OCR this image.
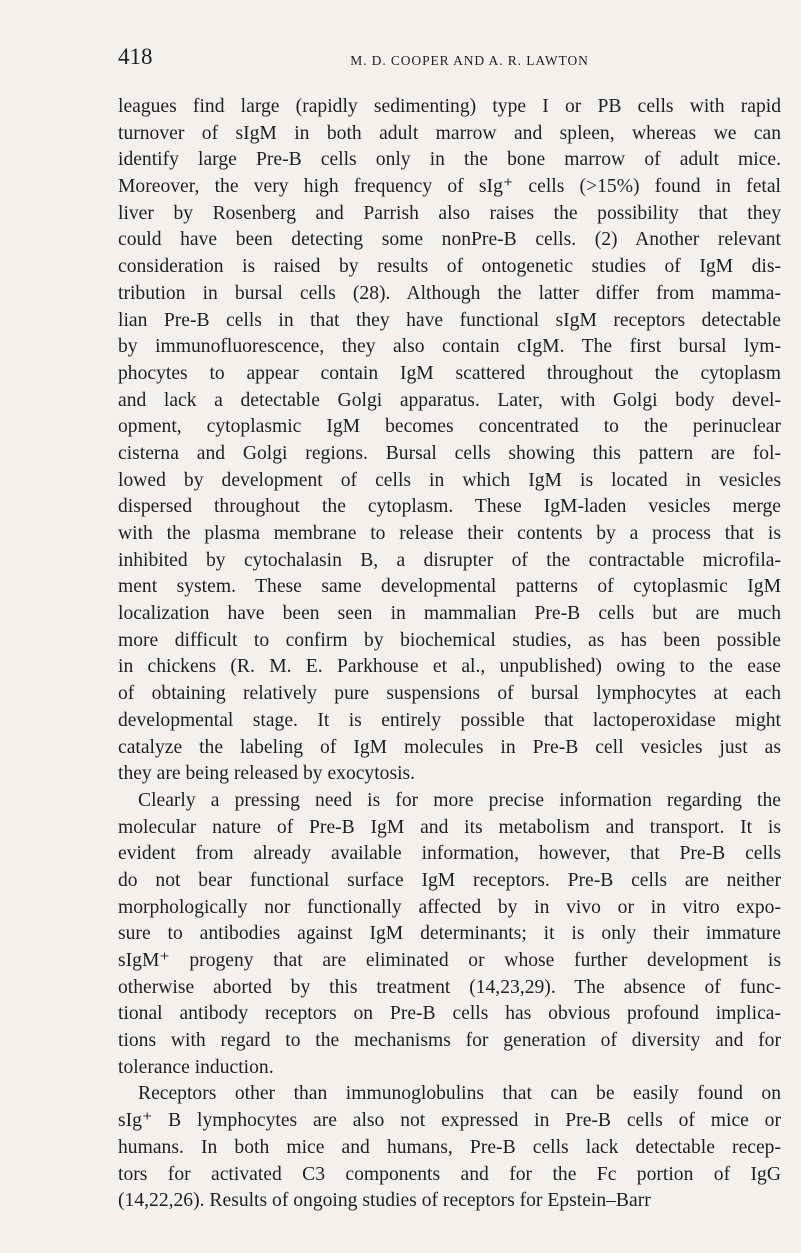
418	M. D. COOPER AND A. R. LAWTON
leagues find large (rapidly sedimenting) type I or PB cells with rapid
turnover of sIgM in both adult marrow and spleen, whereas we can
identify large Pre-B cells only in the bone marrow of adult mice.
Moreover, the very high frequency of sIg⁺ cells (>15%) found in fetal
liver by Rosenberg and Parrish also raises the possibility that they
could have been detecting some nonPre-B cells. (2) Another relevant
consideration is raised by results of ontogenetic studies of IgM dis-
tribution in bursal cells (28). Although the latter differ from mamma-
lian Pre-B cells in that they have functional sIgM receptors detectable
by immunofluorescence, they also contain cIgM. The first bursal lym-
phocytes to appear contain IgM scattered throughout the cytoplasm
and lack a detectable Golgi apparatus. Later, with Golgi body devel-
opment, cytoplasmic IgM becomes concentrated to the perinuclear
cisterna and Golgi regions. Bursal cells showing this pattern are fol-
lowed by development of cells in which IgM is located in vesicles
dispersed throughout the cytoplasm. These IgM-laden vesicles merge
with the plasma membrane to release their contents by a process that is
inhibited by cytochalasin B, a disrupter of the contractable microfila-
ment system. These same developmental patterns of cytoplasmic IgM
localization have been seen in mammalian Pre-B cells but are much
more difficult to confirm by biochemical studies, as has been possible
in chickens (R. M. E. Parkhouse et al., unpublished) owing to the ease
of obtaining relatively pure suspensions of bursal lymphocytes at each
developmental stage. It is entirely possible that lactoperoxidase might
catalyze the labeling of IgM molecules in Pre-B cell vesicles just as
they are being released by exocytosis.
Clearly a pressing need is for more precise information regarding the
molecular nature of Pre-B IgM and its metabolism and transport. It is
evident from already available information, however, that Pre-B cells
do not bear functional surface IgM receptors. Pre-B cells are neither
morphologically nor functionally affected by in vivo or in vitro expo-
sure to antibodies against IgM determinants; it is only their immature
sIgM⁺ progeny that are eliminated or whose further development is
otherwise aborted by this treatment (14,23,29). The absence of func-
tional antibody receptors on Pre-B cells has obvious profound implica-
tions with regard to the mechanisms for generation of diversity and for
tolerance induction.
Receptors other than immunoglobulins that can be easily found on
sIg⁺ B lymphocytes are also not expressed in Pre-B cells of mice or
humans. In both mice and humans, Pre-B cells lack detectable recep-
tors for activated C3 components and for the Fc portion of IgG
(14,22,26). Results of ongoing studies of receptors for Epstein–Barr
